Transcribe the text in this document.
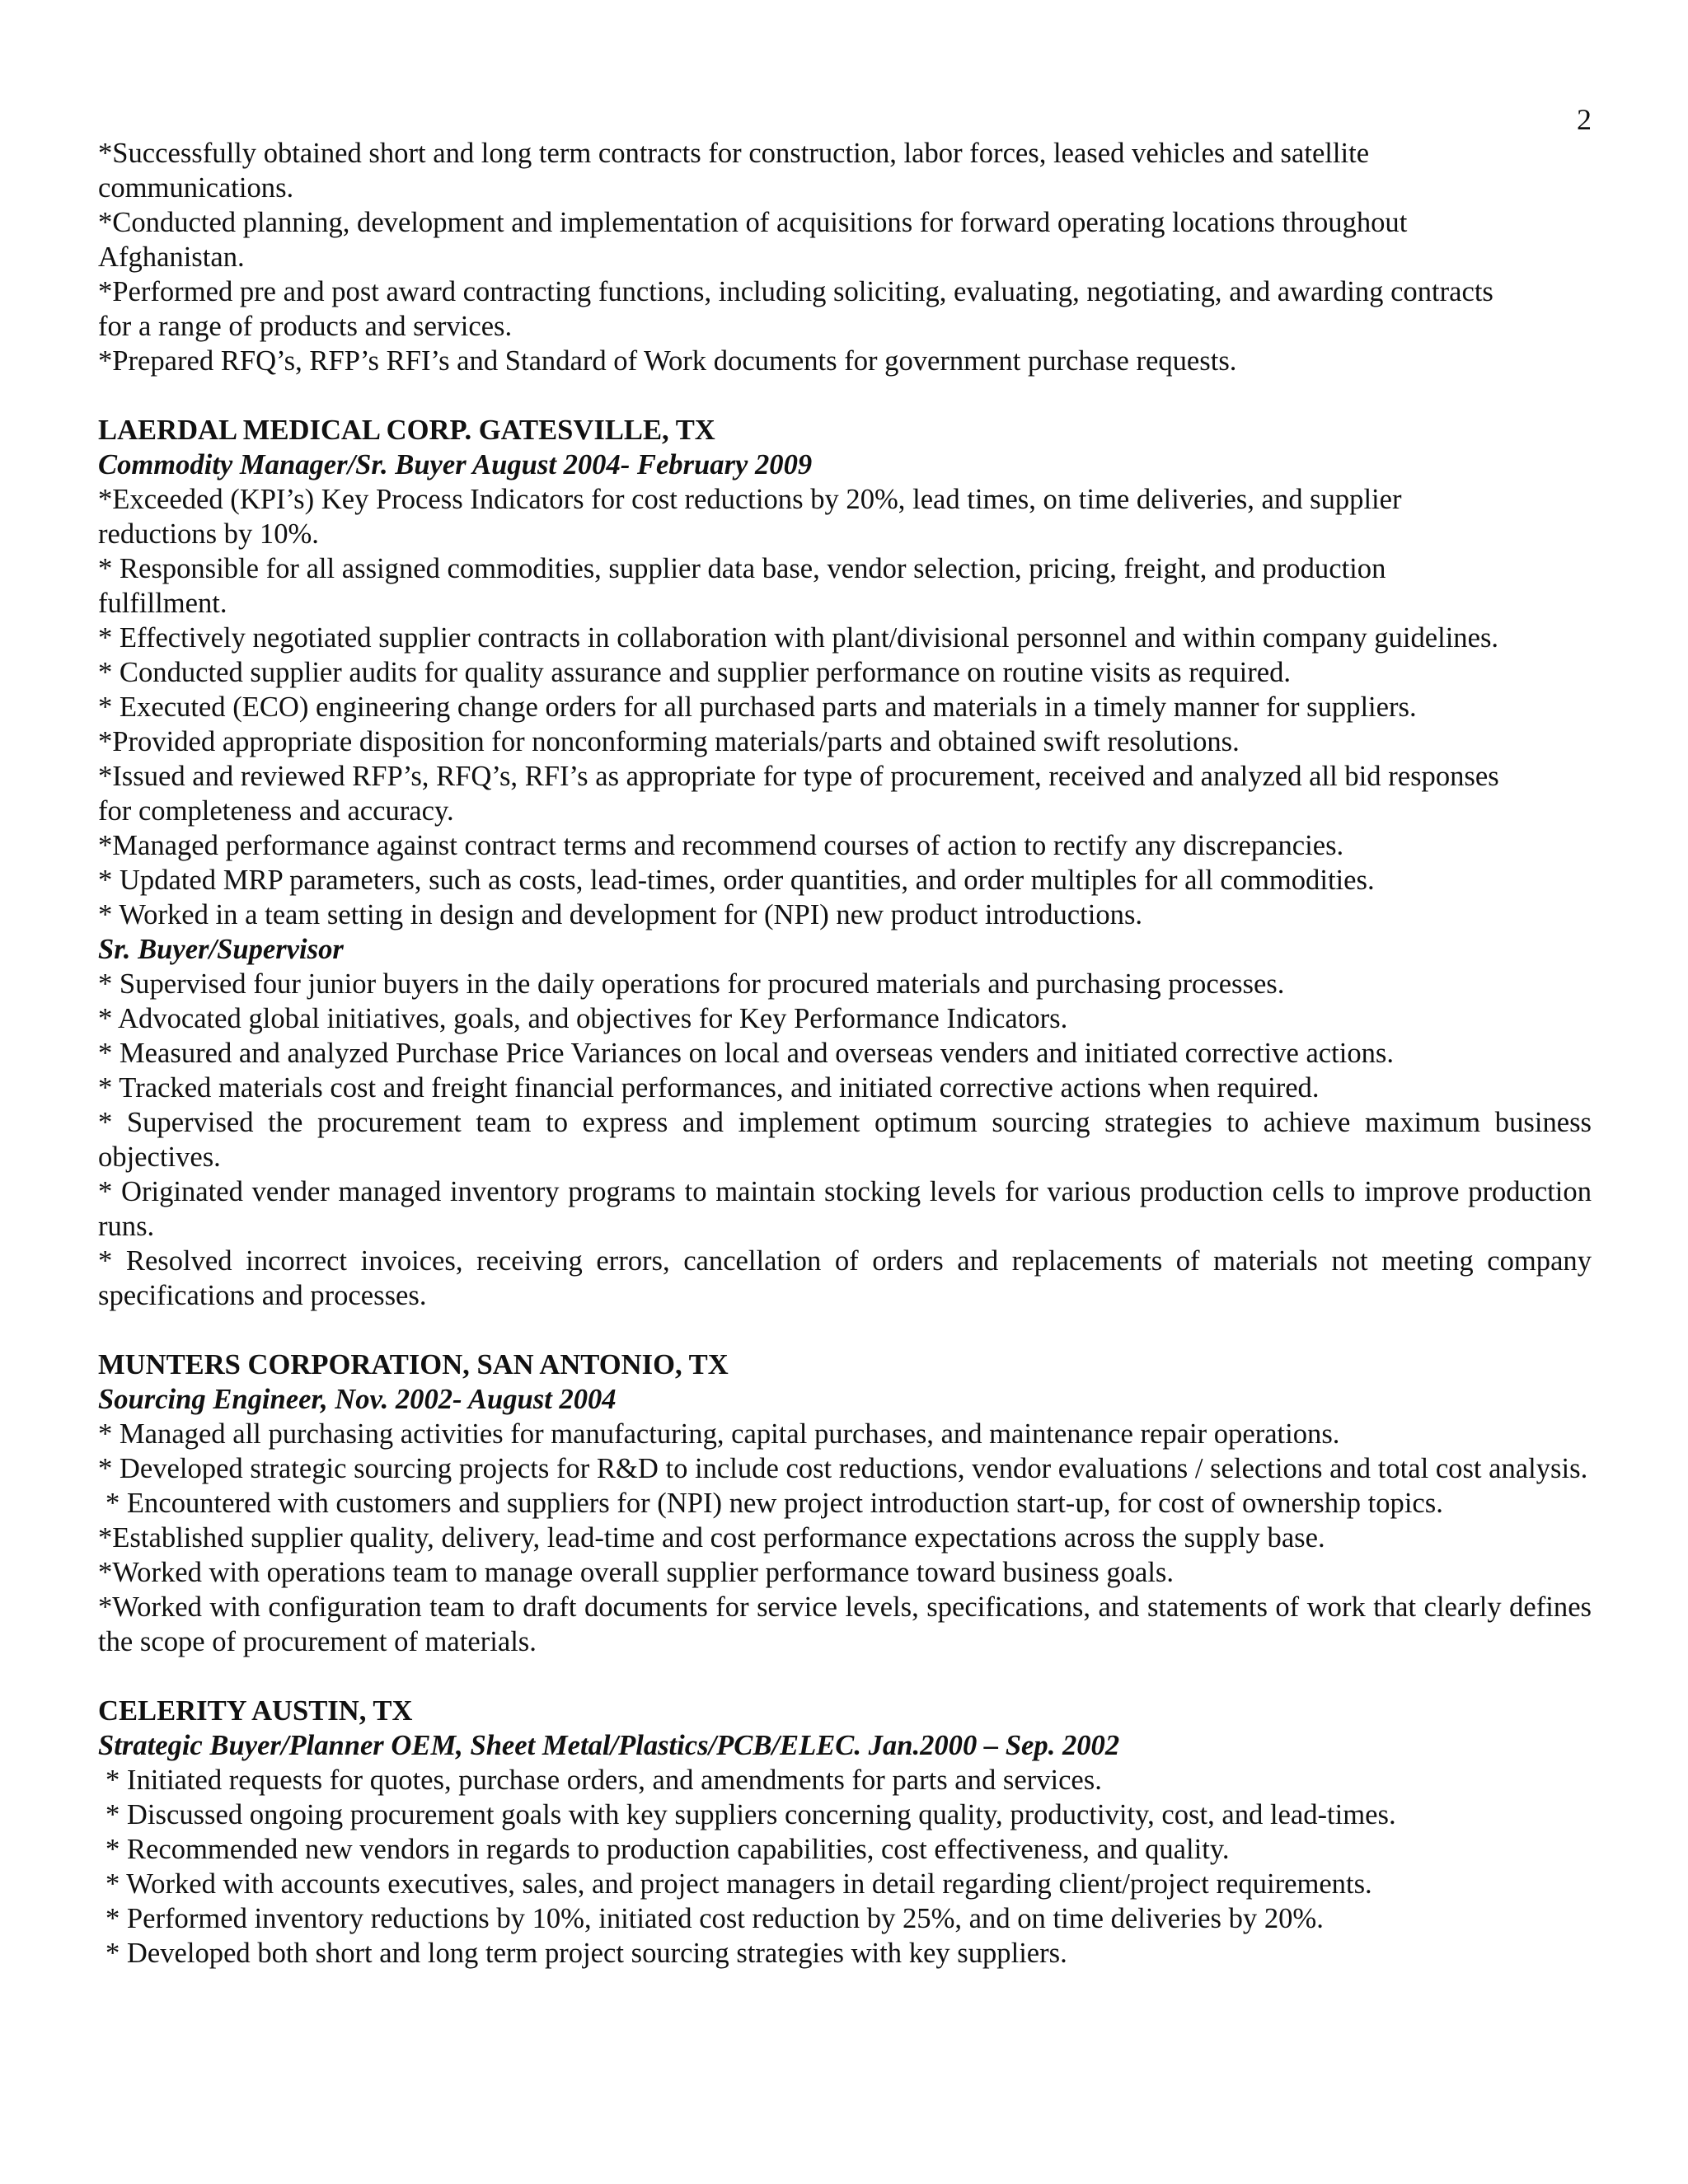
2

*Successfully obtained short and long term contracts for construction, labor forces, leased vehicles and satellite

communications.

*Conducted planning, development and implementation of acquisitions for forward operating locations throughout

Afghanistan.

*Performed pre and post award contracting functions, including soliciting, evaluating, negotiating, and awarding contracts

for a range of products and services.

*Prepared RFQ’s, RFP’s RFI’s and Standard of Work documents for government purchase requests.

LAERDAL MEDICAL CORP. GATESVILLE, TX

Commodity Manager/Sr. Buyer August 2004- February 2009

*Exceeded (KPI’s) Key Process Indicators for cost reductions by 20%, lead times, on time deliveries, and supplier

reductions by 10%.

* Responsible for all assigned commodities, supplier data base, vendor selection, pricing, freight, and production

fulfillment.

* Effectively negotiated supplier contracts in collaboration with plant/divisional personnel and within company guidelines.

* Conducted supplier audits for quality assurance and supplier performance on routine visits as required.

* Executed (ECO) engineering change orders for all purchased parts and materials in a timely manner for suppliers.

*Provided appropriate disposition for nonconforming materials/parts and obtained swift resolutions.

*Issued and reviewed RFP’s, RFQ’s, RFI’s as appropriate for type of procurement, received and analyzed all bid responses

for completeness and accuracy.

*Managed performance against contract terms and recommend courses of action to rectify any discrepancies.

* Updated MRP parameters, such as costs, lead-times, order quantities, and order multiples for all commodities.

* Worked in a team setting in design and development for (NPI) new product introductions.

Sr. Buyer/Supervisor

* Supervised four junior buyers in the daily operations for procured materials and purchasing processes.

* Advocated global initiatives, goals, and objectives for Key Performance Indicators.

* Measured and analyzed Purchase Price Variances on local and overseas venders and initiated corrective actions.

* Tracked materials cost and freight financial performances, and initiated corrective actions when required.

* Supervised the procurement team to express and implement optimum sourcing strategies to achieve maximum business objectives.

* Originated vender managed inventory programs to maintain stocking levels for various production cells to improve production runs.

* Resolved incorrect invoices, receiving errors, cancellation of orders and replacements of materials not meeting company specifications and processes.

MUNTERS CORPORATION, SAN ANTONIO, TX

Sourcing Engineer, Nov. 2002- August 2004

* Managed all purchasing activities for manufacturing, capital purchases, and maintenance repair operations.

* Developed strategic sourcing projects for R&D to include cost reductions, vendor evaluations / selections and total cost analysis.

* Encountered with customers and suppliers for (NPI) new project introduction start-up, for cost of ownership topics.

*Established supplier quality, delivery, lead-time and cost performance expectations across the supply base.

*Worked with operations team to manage overall supplier performance toward business goals.

*Worked with configuration team to draft documents for service levels, specifications, and statements of work that clearly defines the scope of procurement of materials.

CELERITY AUSTIN, TX

Strategic Buyer/Planner OEM, Sheet Metal/Plastics/PCB/ELEC. Jan.2000 – Sep. 2002

* Initiated requests for quotes, purchase orders, and amendments for parts and services.

* Discussed ongoing procurement goals with key suppliers concerning quality, productivity, cost, and lead-times.

* Recommended new vendors in regards to production capabilities, cost effectiveness, and quality.

* Worked with accounts executives, sales, and project managers in detail regarding client/project requirements.

* Performed inventory reductions by 10%, initiated cost reduction by 25%, and on time deliveries by 20%.

* Developed both short and long term project sourcing strategies with key suppliers.
